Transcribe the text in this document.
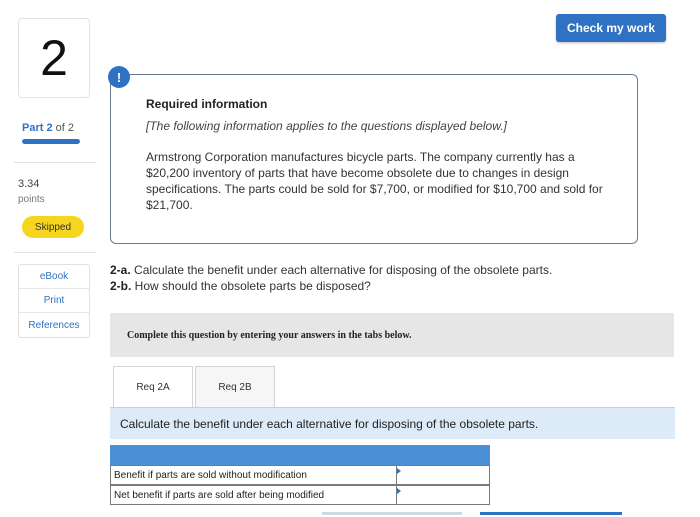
Check my work
2
Part 2 of 2
3.34
points
Skipped
eBook
Print
References
!
Required information
[The following information applies to the questions displayed below.]
Armstrong Corporation manufactures bicycle parts. The company currently has a $20,200 inventory of parts that have become obsolete due to changes in design specifications. The parts could be sold for $7,700, or modified for $10,700 and sold for $21,700.
2-a. Calculate the benefit under each alternative for disposing of the obsolete parts.
2-b. How should the obsolete parts be disposed?
Complete this question by entering your answers in the tabs below.
Req 2A	Req 2B
Calculate the benefit under each alternative for disposing of the obsolete parts.
Benefit if parts are sold without modification
Net benefit if parts are sold after being modified
